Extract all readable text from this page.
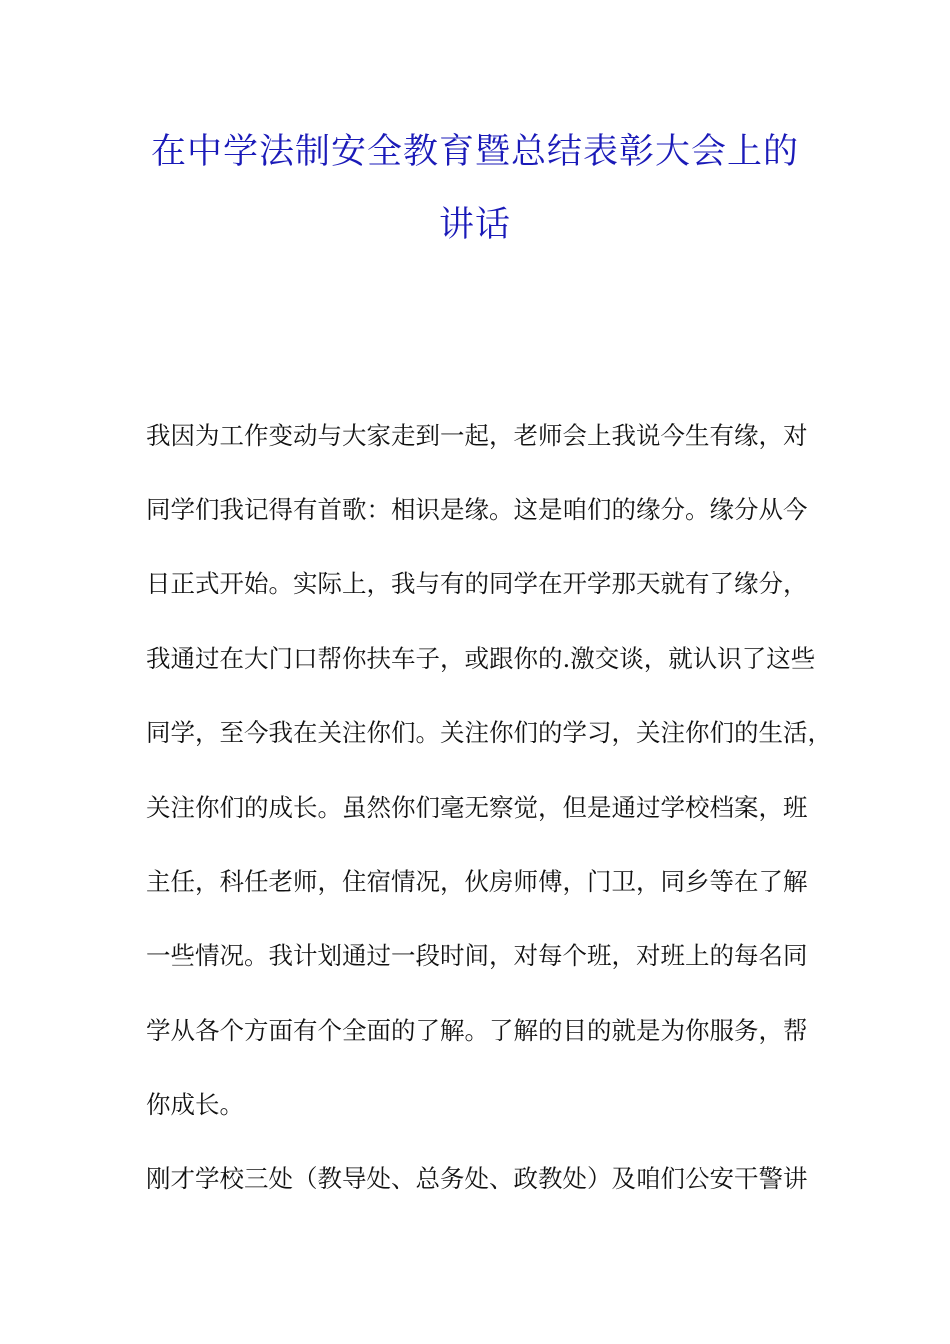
在中学法制安全教育暨总结表彰大会上的
讲话
我因为工作变动与大家走到一起，老师会上我说今生有缘，对
同学们我记得有首歌：相识是缘。这是咱们的缘分。缘分从今
日正式开始。实际上，我与有的同学在开学那天就有了缘分，
我通过在大门口帮你扶车子，或跟你的.激交谈，就认识了这些
同学，至今我在关注你们。关注你们的学习，关注你们的生活，
关注你们的成长。虽然你们毫无察觉，但是通过学校档案，班
主任，科任老师，住宿情况，伙房师傅，门卫，同乡等在了解
一些情况。我计划通过一段时间，对每个班，对班上的每名同
学从各个方面有个全面的了解。了解的目的就是为你服务，帮
你成长。
刚才学校三处（教导处、总务处、政教处）及咱们公安干警讲
